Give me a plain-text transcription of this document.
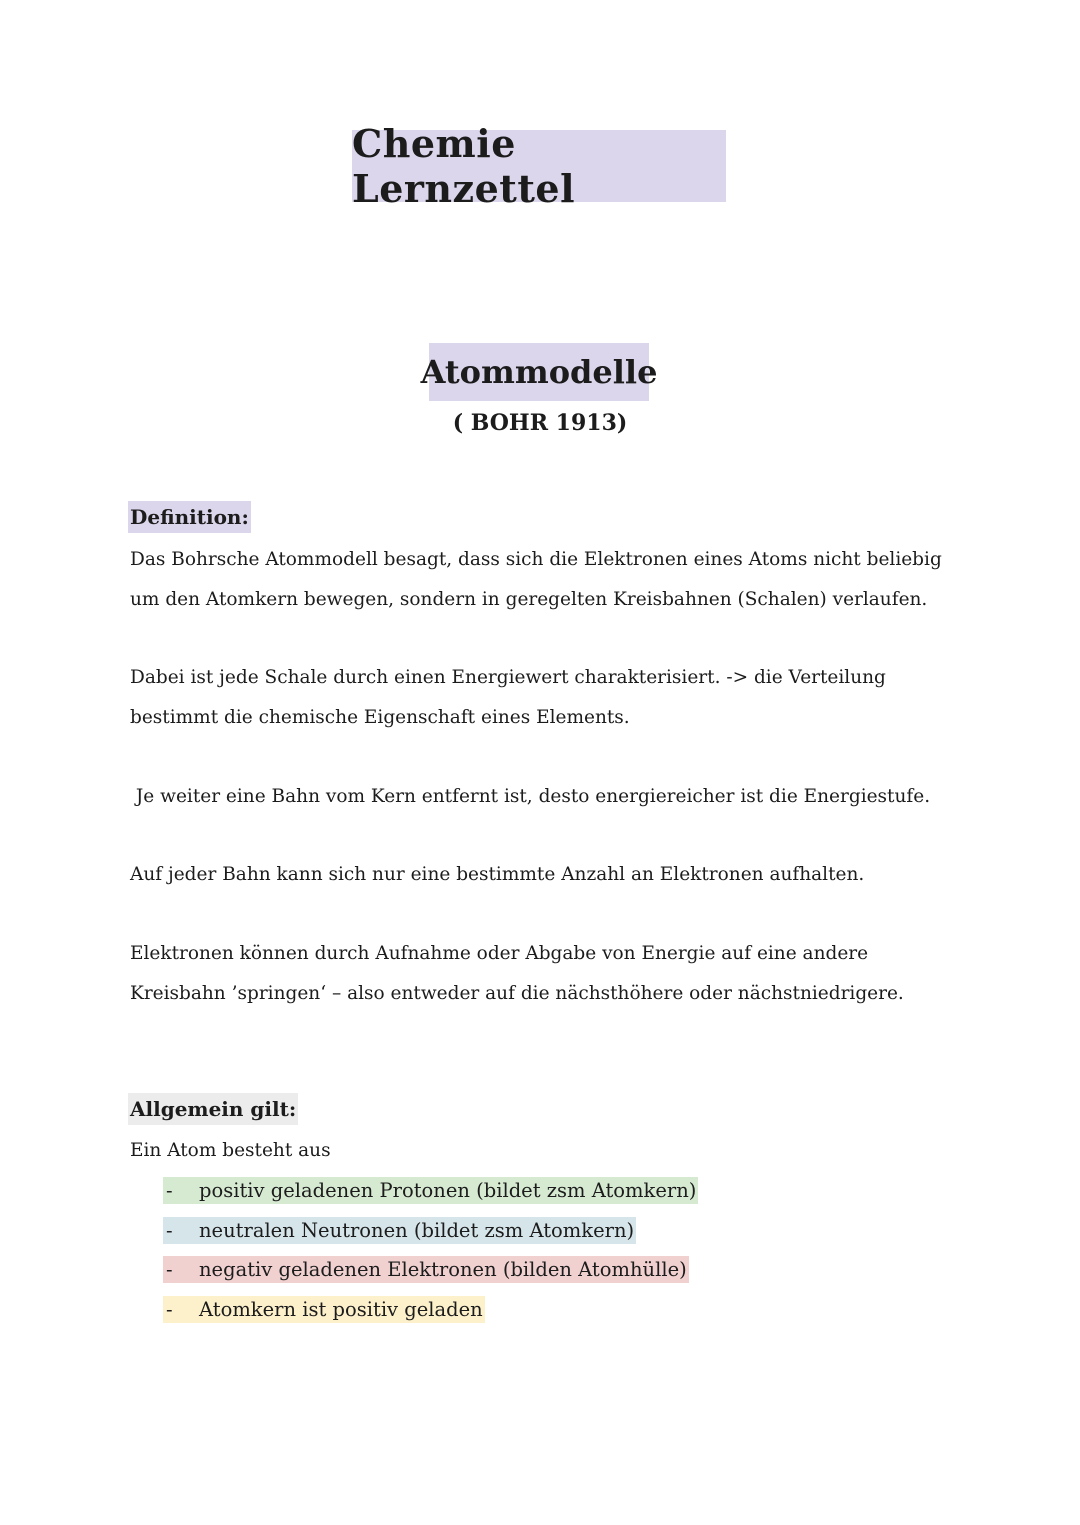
Chemie Lernzettel
Atommodelle
( BOHR 1913)
Definition:

Das Bohrsche Atommodell besagt, dass sich die Elektronen eines Atoms nicht beliebig um den Atomkern bewegen, sondern in geregelten Kreisbahnen (Schalen) verlaufen.

Dabei ist jede Schale durch einen Energiewert charakterisiert. -> die Verteilung bestimmt die chemische Eigenschaft eines Elements.

Je weiter eine Bahn vom Kern entfernt ist, desto energiereicher ist die Energiestufe.

Auf jeder Bahn kann sich nur eine bestimmte Anzahl an Elektronen aufhalten.

Elektronen können durch Aufnahme oder Abgabe von Energie auf eine andere Kreisbahn ’springen‘ – also entweder auf die nächsthöhere oder nächstniedrigere.

Allgemein gilt:

Ein Atom besteht aus

-	positiv geladenen Protonen (bildet zsm Atomkern)
-	neutralen Neutronen (bildet zsm Atomkern)
-	negativ geladenen Elektronen (bilden Atomhülle)
-	Atomkern ist positiv geladen
